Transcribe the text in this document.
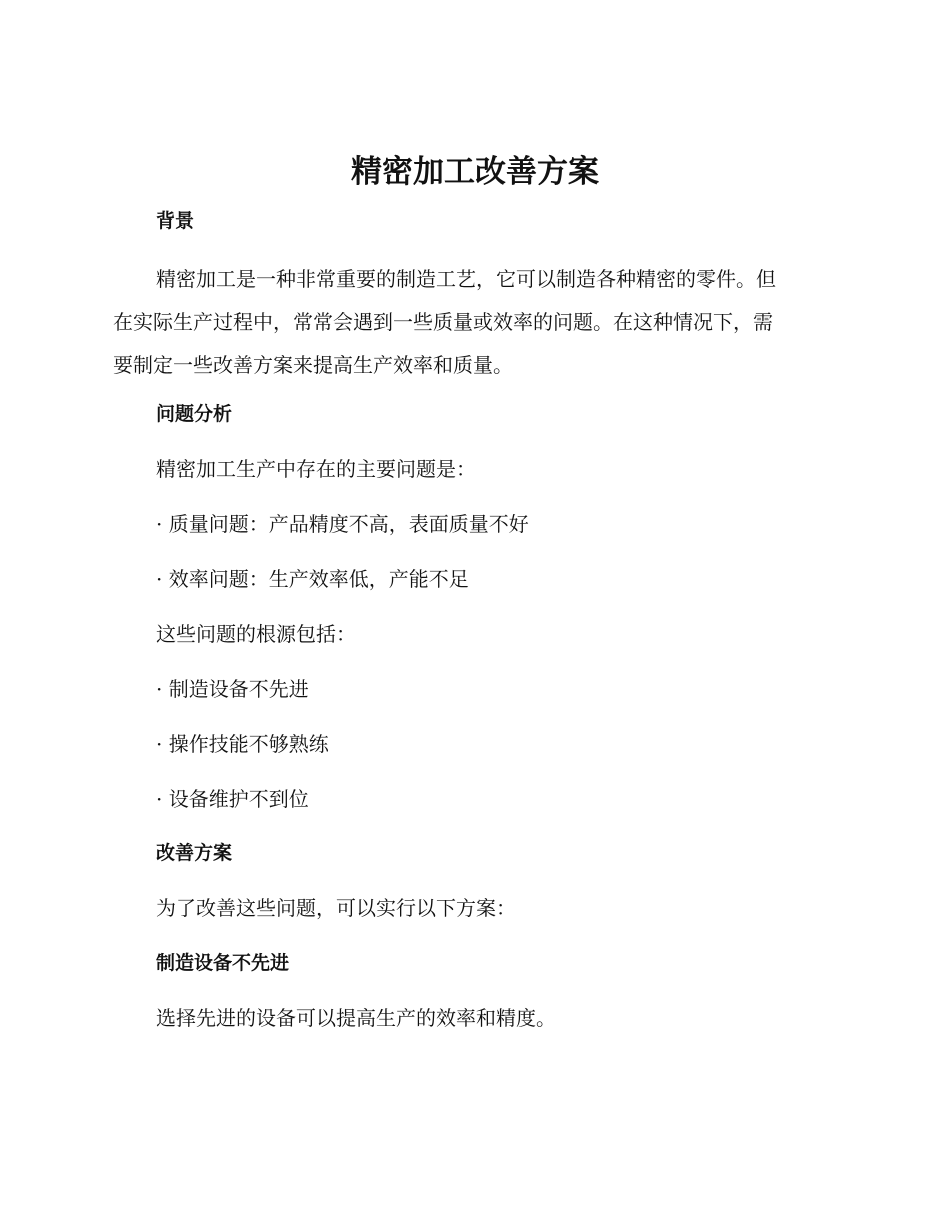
精密加工改善方案
背景

精密加工是一种非常重要的制造工艺，它可以制造各种精密的零件。但
在实际生产过程中，常常会遇到一些质量或效率的问题。在这种情况下，需
要制定一些改善方案来提高生产效率和质量。

问题分析

精密加工生产中存在的主要问题是：

· 质量问题：产品精度不高，表面质量不好

· 效率问题：生产效率低，产能不足

这些问题的根源包括：

· 制造设备不先进

· 操作技能不够熟练

· 设备维护不到位

改善方案

为了改善这些问题，可以实行以下方案：

制造设备不先进

选择先进的设备可以提高生产的效率和精度。
